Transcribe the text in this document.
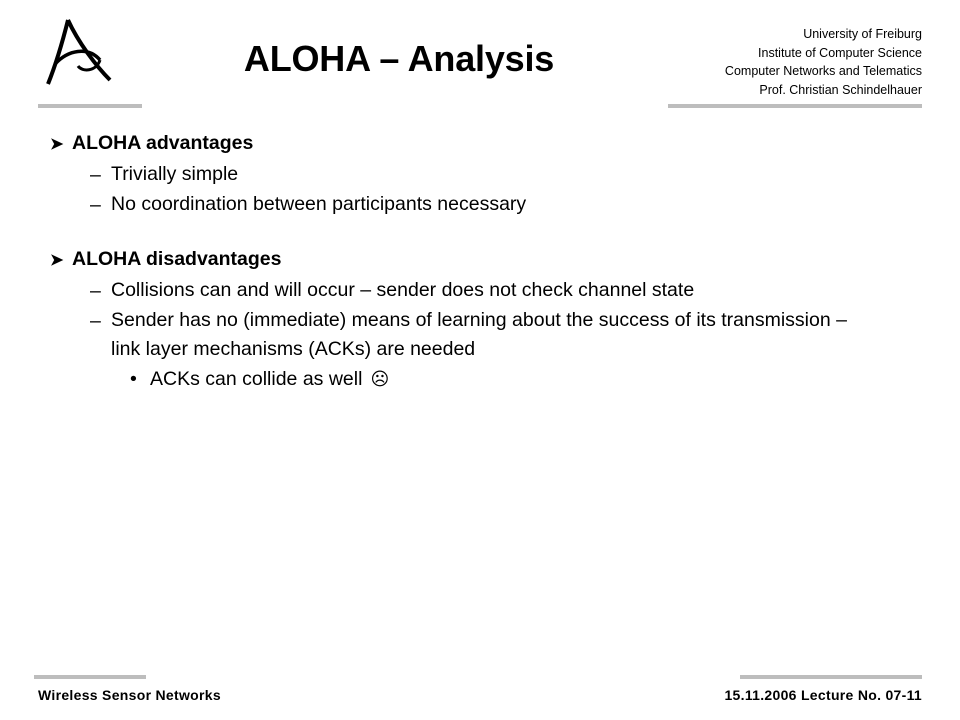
ALOHA – Analysis
University of Freiburg
Institute of Computer Science
Computer Networks and Telematics
Prof. Christian Schindelhauer
➤ ALOHA advantages
– Trivially simple
– No coordination between participants necessary
➤ ALOHA disadvantages
– Collisions can and will occur – sender does not check channel state
– Sender has no (immediate) means of learning about the success of its transmission – link layer mechanisms (ACKs) are needed
• ACKs can collide as well ☹
Wireless Sensor Networks	15.11.2006 Lecture No. 07-11
